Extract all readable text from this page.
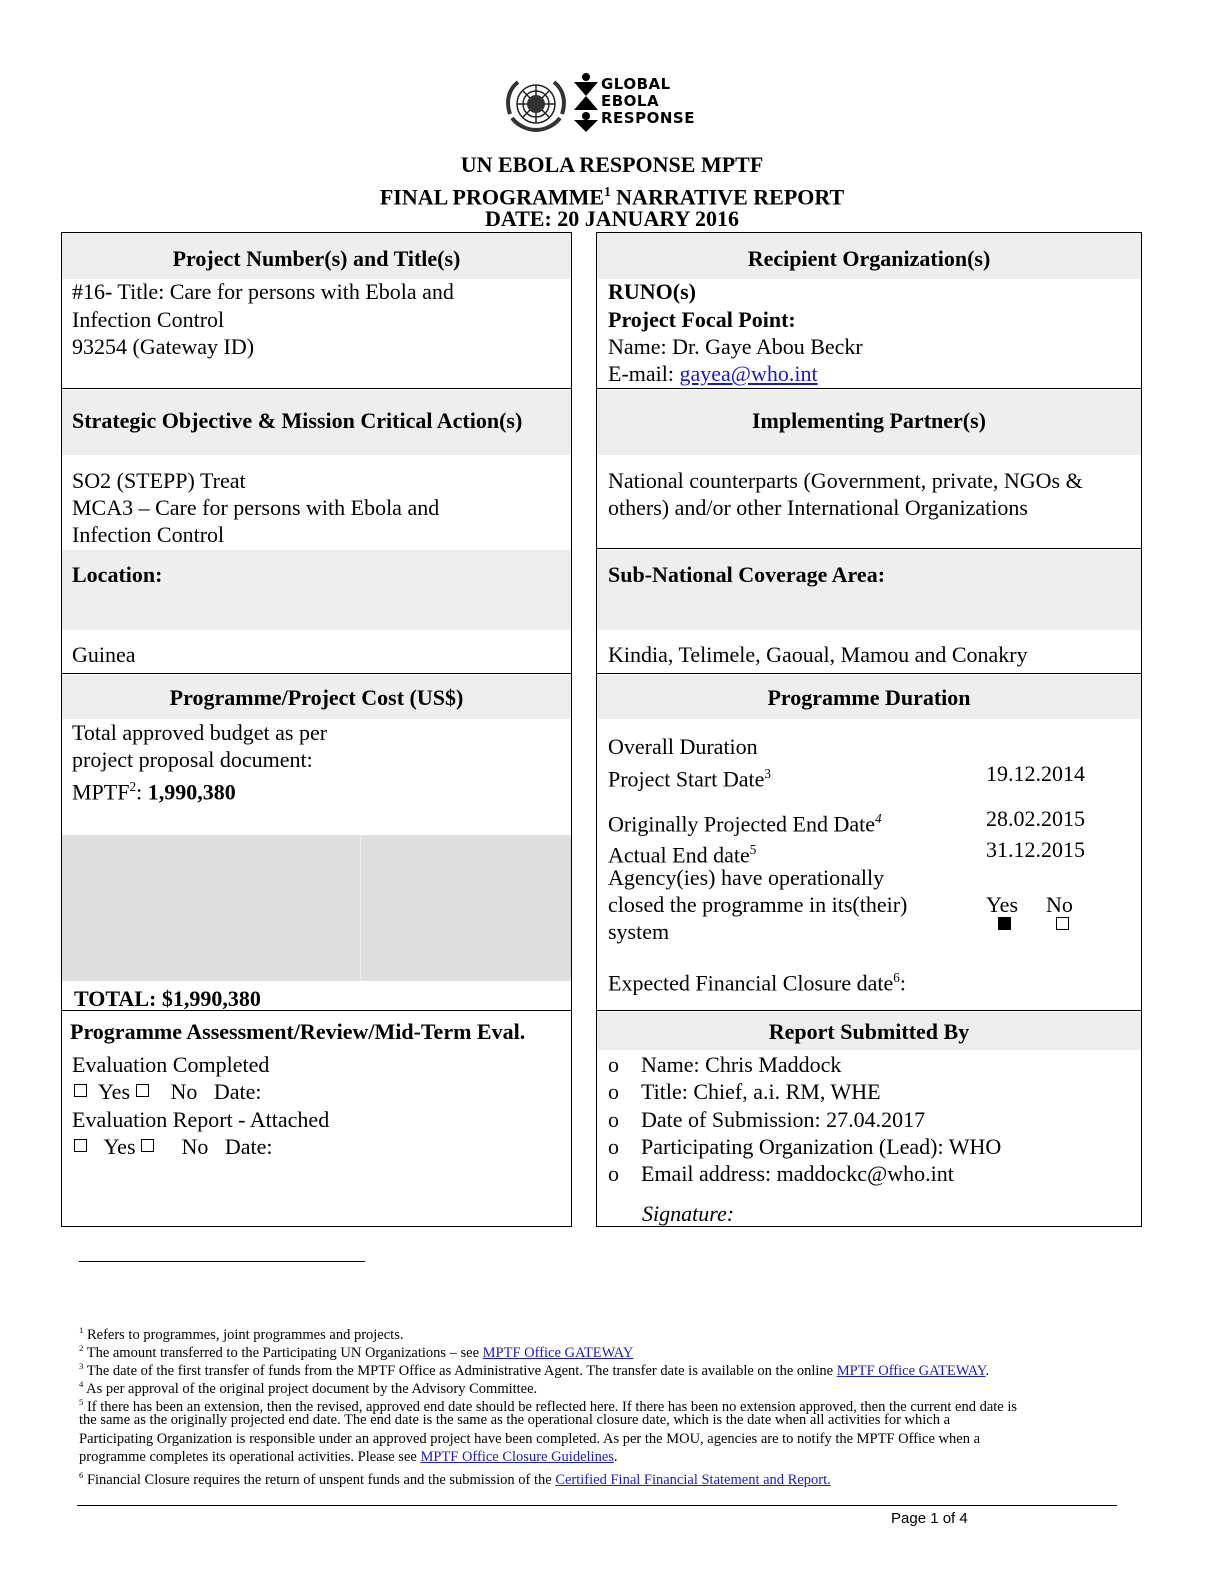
GLOBAL
EBOLA
RESPONSE
UN EBOLA RESPONSE MPTF
FINAL PROGRAMME$^1$ NARRATIVE REPORT
DATE: 20 JANUARY 2016
Project Number(s) and Title(s)
#16- Title: Care for persons with Ebola and
Infection Control
93254 (Gateway ID)
Strategic Objective & Mission Critical Action(s)
SO2 (STEPP) Treat
MCA3 – Care for persons with Ebola and
Infection Control
Location:
Guinea
Programme/Project Cost (US$)
Total approved budget as per
project proposal document:
MPTF$^2$: 1,990,380
TOTAL: $1,990,380
Programme Assessment/Review/Mid-Term Eval.
Evaluation Completed
Yes No Date:
Evaluation Report - Attached
Yes No Date:
Recipient Organization(s)
RUNO(s)
Project Focal Point:
Name: Dr. Gaye Abou Beckr
E-mail: gayea@who.int
Implementing Partner(s)
National counterparts (Government, private, NGOs &
others) and/or other International Organizations
Sub-National Coverage Area:
Kindia, Telimele, Gaoual, Mamou and Conakry
Programme Duration
Overall Duration
Project Start Date$^3$	19.12.2014
Originally Projected End Date$^4$	28.02.2015
Actual End date$^5$	31.12.2015
Agency(ies) have operationally
closed the programme in its(their)
system
Yes No

Expected Financial Closure date$^6$:
Report Submitted By
o Name: Chris Maddock
o Title: Chief, a.i. RM, WHE
o Date of Submission: 27.04.2017
o Participating Organization (Lead): WHO
o Email address: maddockc@who.int
Signature:
$^1$ Refers to programmes, joint programmes and projects.
$^2$ The amount transferred to the Participating UN Organizations – see MPTF Office GATEWAY
$^3$ The date of the first transfer of funds from the MPTF Office as Administrative Agent. The transfer date is available on the online MPTF Office GATEWAY.
$^4$ As per approval of the original project document by the Advisory Committee.
$^5$ If there has been an extension, then the revised, approved end date should be reflected here. If there has been no extension approved, then the current end date is
the same as the originally projected end date. The end date is the same as the operational closure date, which is the date when all activities for which a
Participating Organization is responsible under an approved project have been completed. As per the MOU, agencies are to notify the MPTF Office when a
programme completes its operational activities. Please see MPTF Office Closure Guidelines.
$^6$ Financial Closure requires the return of unspent funds and the submission of the Certified Final Financial Statement and Report.
Page 1 of 4
